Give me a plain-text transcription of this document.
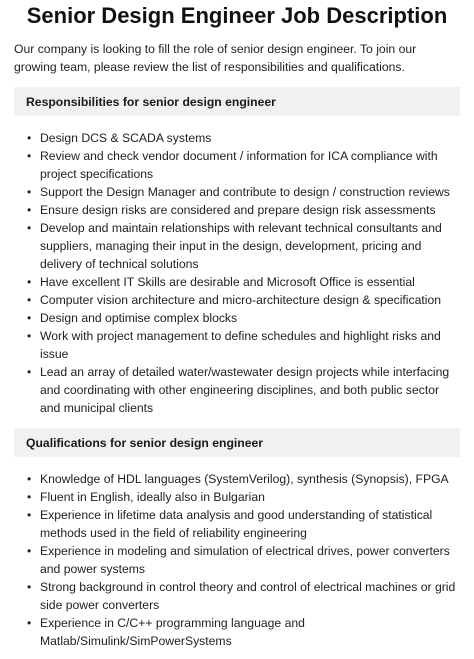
Senior Design Engineer Job Description

Our company is looking to fill the role of senior design engineer. To join our growing team, please review the list of responsibilities and qualifications.

Responsibilities for senior design engineer
• Design DCS & SCADA systems
• Review and check vendor document / information for ICA compliance with project specifications
• Support the Design Manager and contribute to design / construction reviews
• Ensure design risks are considered and prepare design risk assessments
• Develop and maintain relationships with relevant technical consultants and suppliers, managing their input in the design, development, pricing and delivery of technical solutions
• Have excellent IT Skills are desirable and Microsoft Office is essential
• Computer vision architecture and micro-architecture design & specification
• Design and optimise complex blocks
• Work with project management to define schedules and highlight risks and issue
• Lead an array of detailed water/wastewater design projects while interfacing and coordinating with other engineering disciplines, and both public sector and municipal clients
Qualifications for senior design engineer
• Knowledge of HDL languages (SystemVerilog), synthesis (Synopsis), FPGA
• Fluent in English, ideally also in Bulgarian
• Experience in lifetime data analysis and good understanding of statistical methods used in the field of reliability engineering
• Experience in modeling and simulation of electrical drives, power converters and power systems
• Strong background in control theory and control of electrical machines or grid side power converters
• Experience in C/C++ programming language and Matlab/Simulink/SimPowerSystems
